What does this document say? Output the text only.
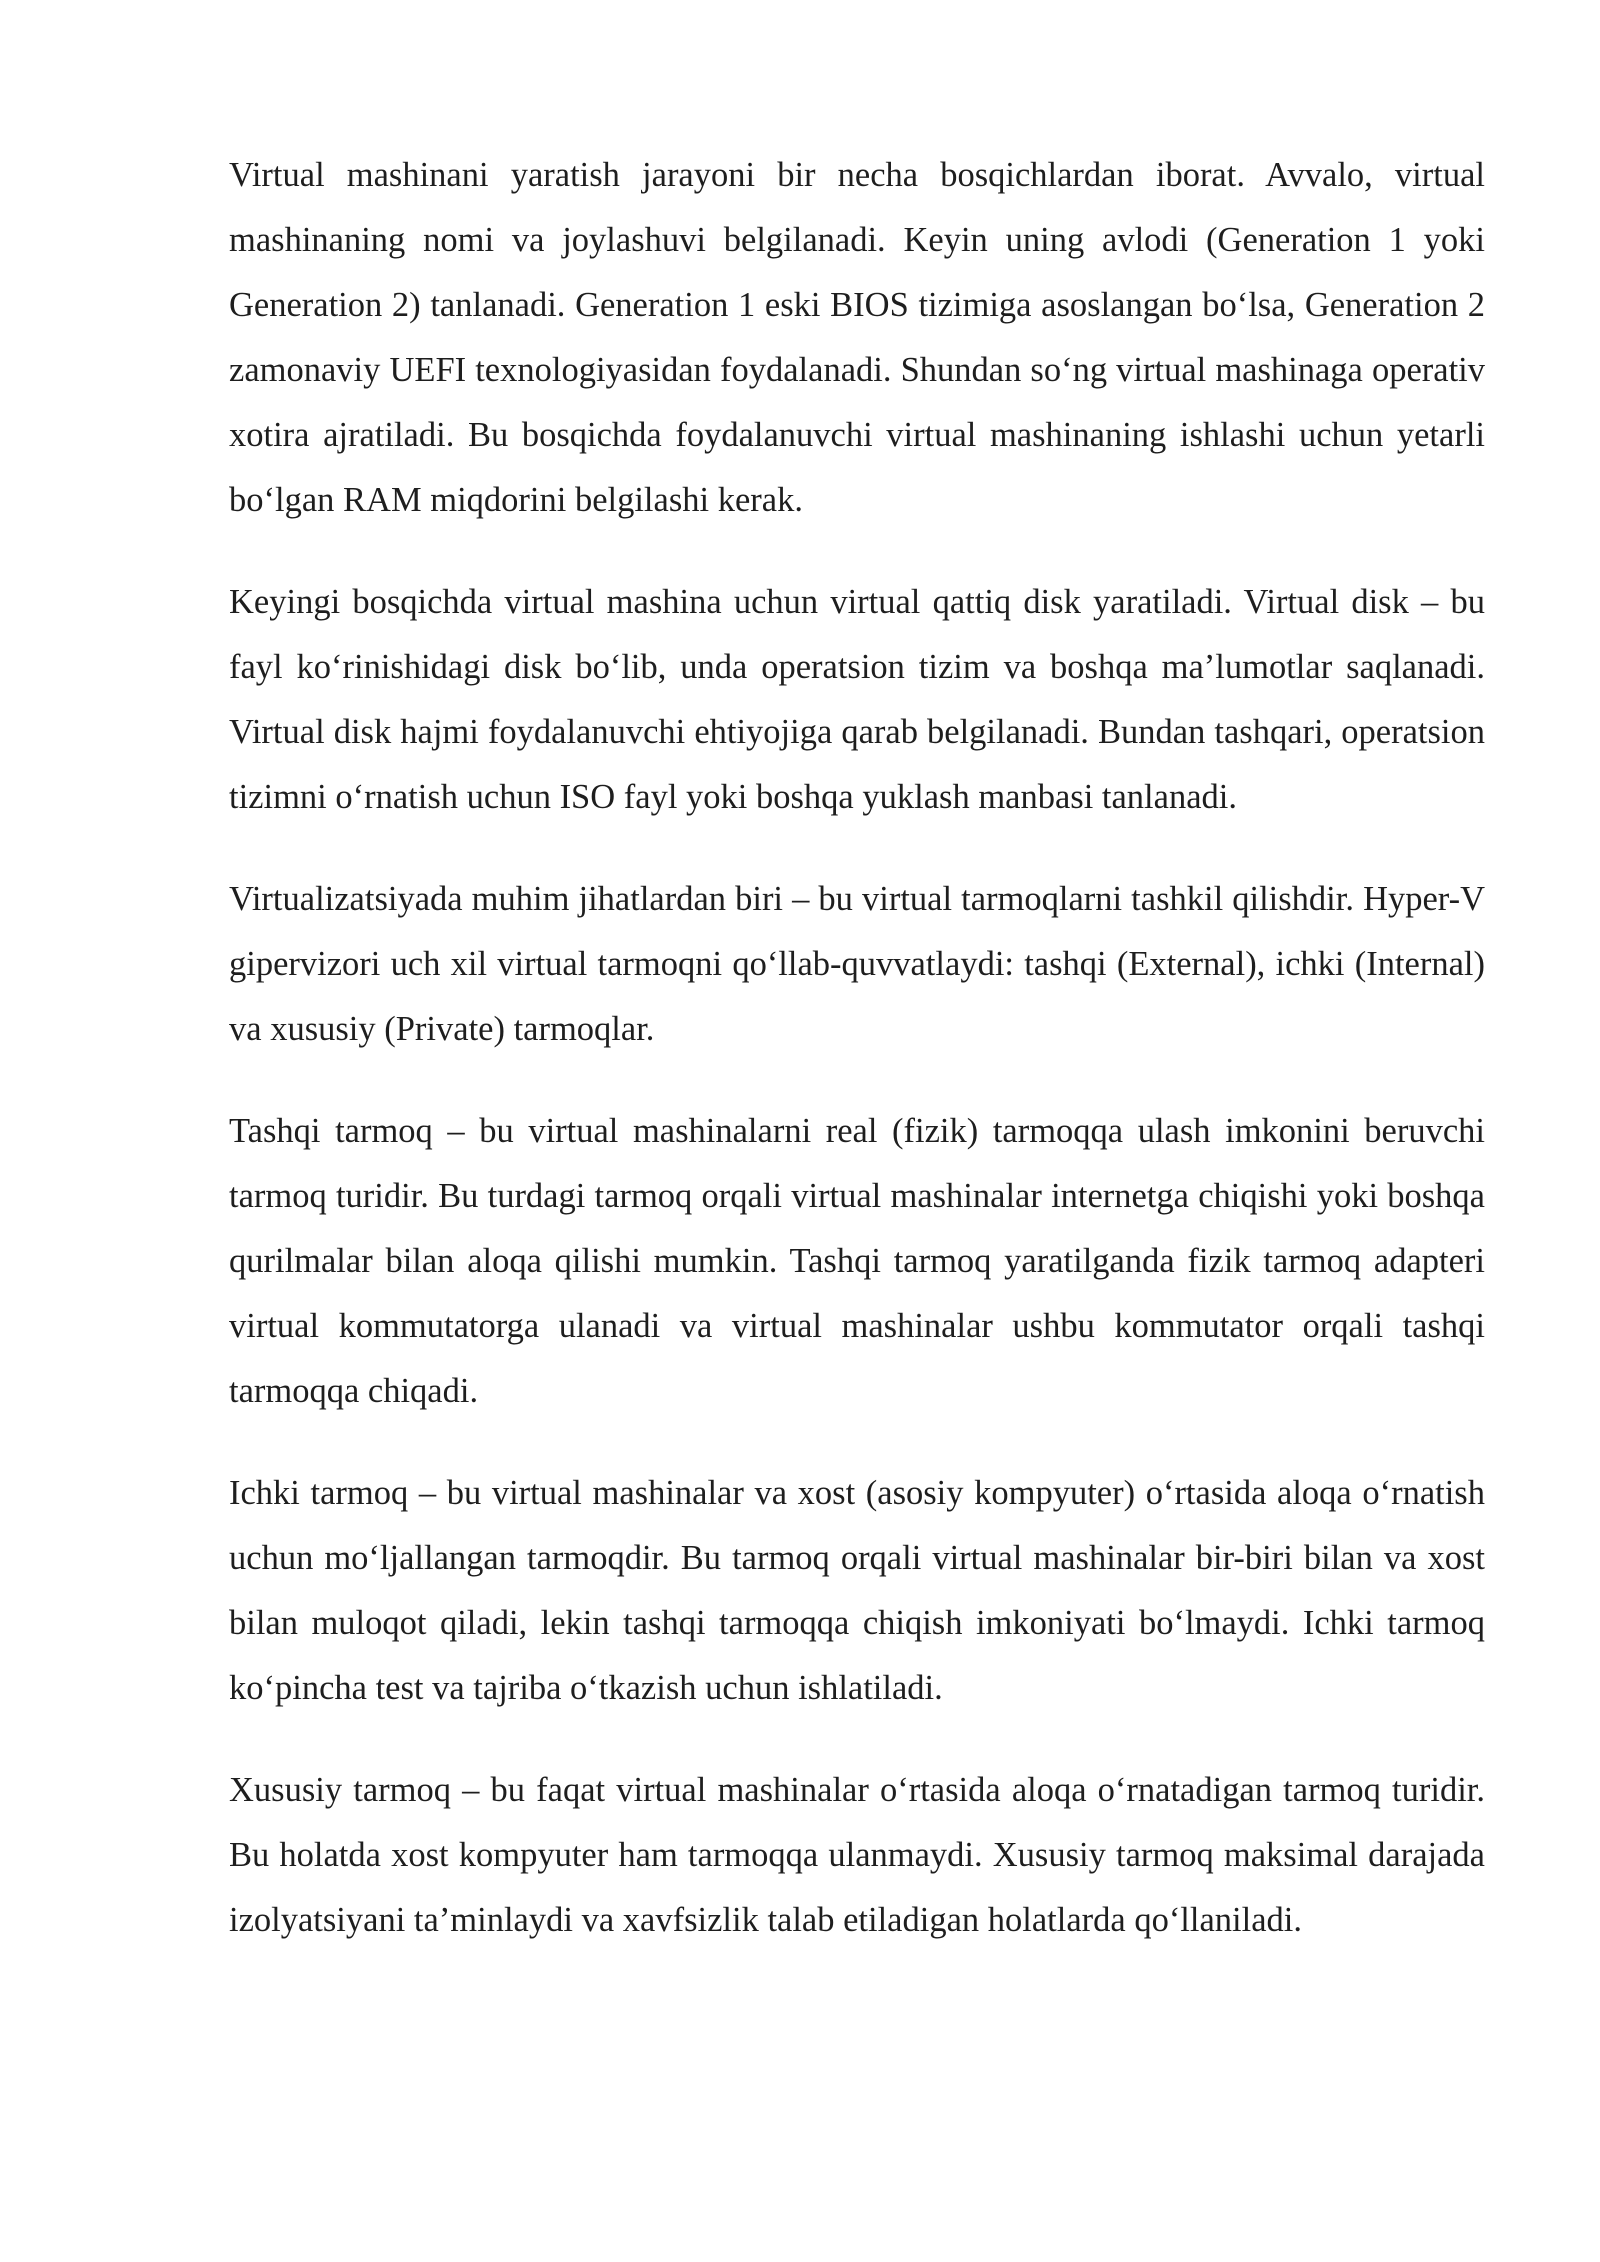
Virtual mashinani yaratish jarayoni bir necha bosqichlardan iborat. Avvalo, virtual mashinaning nomi va joylashuvi belgilanadi. Keyin uning avlodi (Generation 1 yoki Generation 2) tanlanadi. Generation 1 eski BIOS tizimiga asoslangan bo‘lsa, Generation 2 zamonaviy UEFI texnologiyasidan foydalanadi. Shundan so‘ng virtual mashinaga operativ xotira ajratiladi. Bu bosqichda foydalanuvchi virtual mashinaning ishlashi uchun yetarli bo‘lgan RAM miqdorini belgilashi kerak.

Keyingi bosqichda virtual mashina uchun virtual qattiq disk yaratiladi. Virtual disk – bu fayl ko‘rinishidagi disk bo‘lib, unda operatsion tizim va boshqa ma’lumotlar saqlanadi. Virtual disk hajmi foydalanuvchi ehtiyojiga qarab belgilanadi. Bundan tashqari, operatsion tizimni o‘rnatish uchun ISO fayl yoki boshqa yuklash manbasi tanlanadi.

Virtualizatsiyada muhim jihatlardan biri – bu virtual tarmoqlarni tashkil qilishdir. Hyper-V gipervizori uch xil virtual tarmoqni qo‘llab-quvvatlaydi: tashqi (External), ichki (Internal) va xususiy (Private) tarmoqlar.

Tashqi tarmoq – bu virtual mashinalarni real (fizik) tarmoqqa ulash imkonini beruvchi tarmoq turidir. Bu turdagi tarmoq orqali virtual mashinalar internetga chiqishi yoki boshqa qurilmalar bilan aloqa qilishi mumkin. Tashqi tarmoq yaratilganda fizik tarmoq adapteri virtual kommutatorga ulanadi va virtual mashinalar ushbu kommutator orqali tashqi tarmoqqa chiqadi.

Ichki tarmoq – bu virtual mashinalar va xost (asosiy kompyuter) o‘rtasida aloqa o‘rnatish uchun mo‘ljallangan tarmoqdir. Bu tarmoq orqali virtual mashinalar bir-biri bilan va xost bilan muloqot qiladi, lekin tashqi tarmoqqa chiqish imkoniyati bo‘lmaydi. Ichki tarmoq ko‘pincha test va tajriba o‘tkazish uchun ishlatiladi.

Xususiy tarmoq – bu faqat virtual mashinalar o‘rtasida aloqa o‘rnatadigan tarmoq turidir. Bu holatda xost kompyuter ham tarmoqqa ulanmaydi. Xususiy tarmoq maksimal darajada izolyatsiyani ta’minlaydi va xavfsizlik talab etiladigan holatlarda qo‘llaniladi.
